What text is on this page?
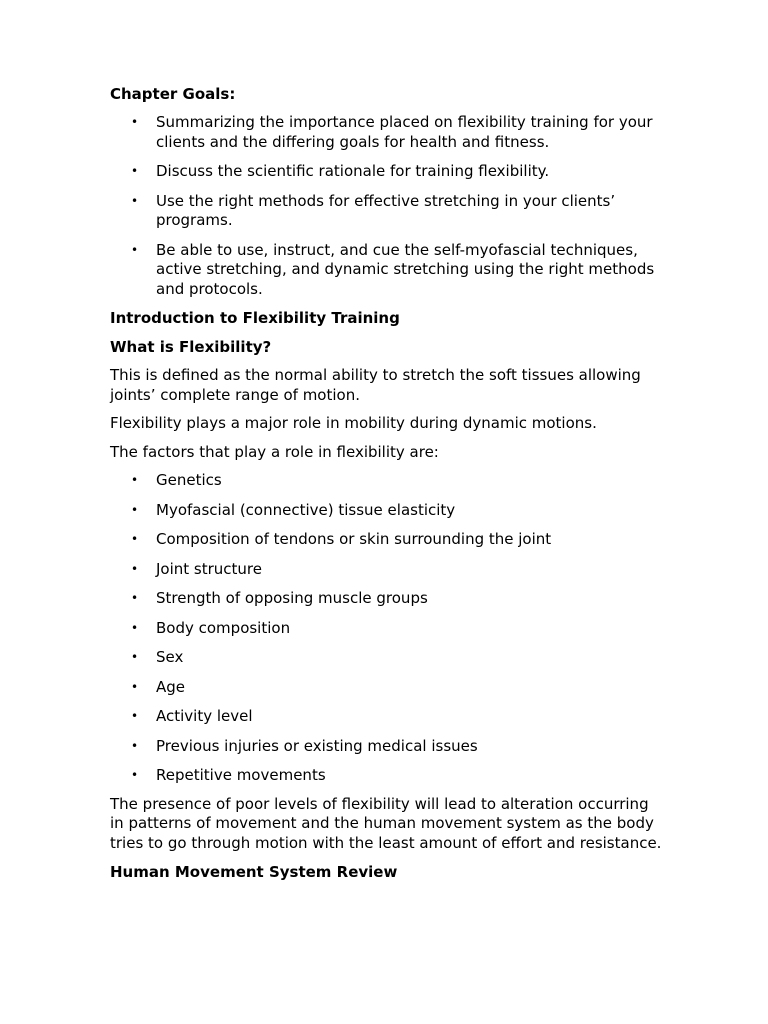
Chapter Goals:
• Summarizing the importance placed on flexibility training for your clients and the differing goals for health and fitness.
• Discuss the scientific rationale for training flexibility.
• Use the right methods for effective stretching in your clients’ programs.
• Be able to use, instruct, and cue the self-myofascial techniques, active stretching, and dynamic stretching using the right methods and protocols.
Introduction to Flexibility Training
What is Flexibility?

This is defined as the normal ability to stretch the soft tissues allowing joints’ complete range of motion.

Flexibility plays a major role in mobility during dynamic motions.

The factors that play a role in flexibility are:

• Genetics
• Myofascial (connective) tissue elasticity
• Composition of tendons or skin surrounding the joint
• Joint structure
• Strength of opposing muscle groups
• Body composition
• Sex
• Age
• Activity level
• Previous injuries or existing medical issues
• Repetitive movements

The presence of poor levels of flexibility will lead to alteration occurring in patterns of movement and the human movement system as the body tries to go through motion with the least amount of effort and resistance.

Human Movement System Review
